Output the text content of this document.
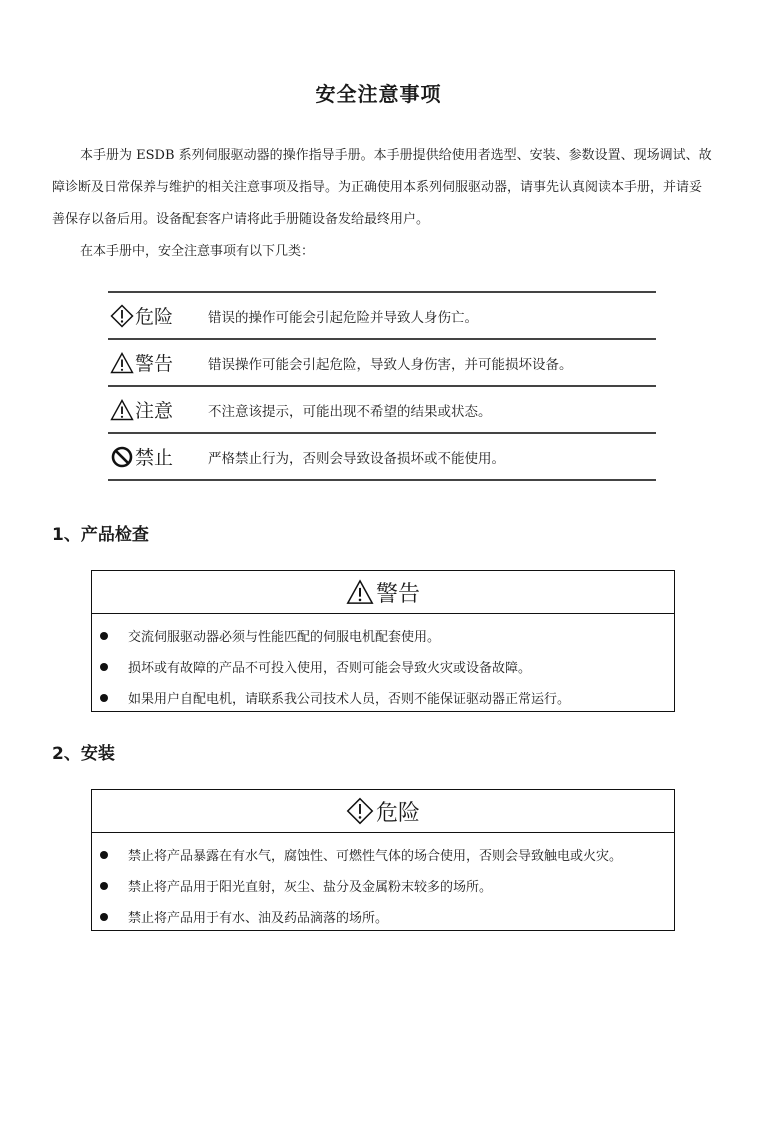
安全注意事项
本手册为 ESDB 系列伺服驱动器的操作指导手册。本手册提供给使用者选型、安装、参数设置、现场调试、故障诊断及日常保养与维护的相关注意事项及指导。为正确使用本系列伺服驱动器，请事先认真阅读本手册，并请妥善保存以备后用。设备配套客户请将此手册随设备发给最终用户。
在本手册中，安全注意事项有以下几类：
危险	错误的操作可能会引起危险并导致人身伤亡。
警告	错误操作可能会引起危险，导致人身伤害，并可能损坏设备。
注意	不注意该提示，可能出现不希望的结果或状态。
禁止	严格禁止行为，否则会导致设备损坏或不能使用。
1、产品检查
警告
交流伺服驱动器必须与性能匹配的伺服电机配套使用。
损坏或有故障的产品不可投入使用，否则可能会导致火灾或设备故障。
如果用户自配电机，请联系我公司技术人员，否则不能保证驱动器正常运行。
2、安装
危险
禁止将产品暴露在有水气，腐蚀性、可燃性气体的场合使用，否则会导致触电或火灾。
禁止将产品用于阳光直射，灰尘、盐分及金属粉末较多的场所。
禁止将产品用于有水、油及药品滴落的场所。
